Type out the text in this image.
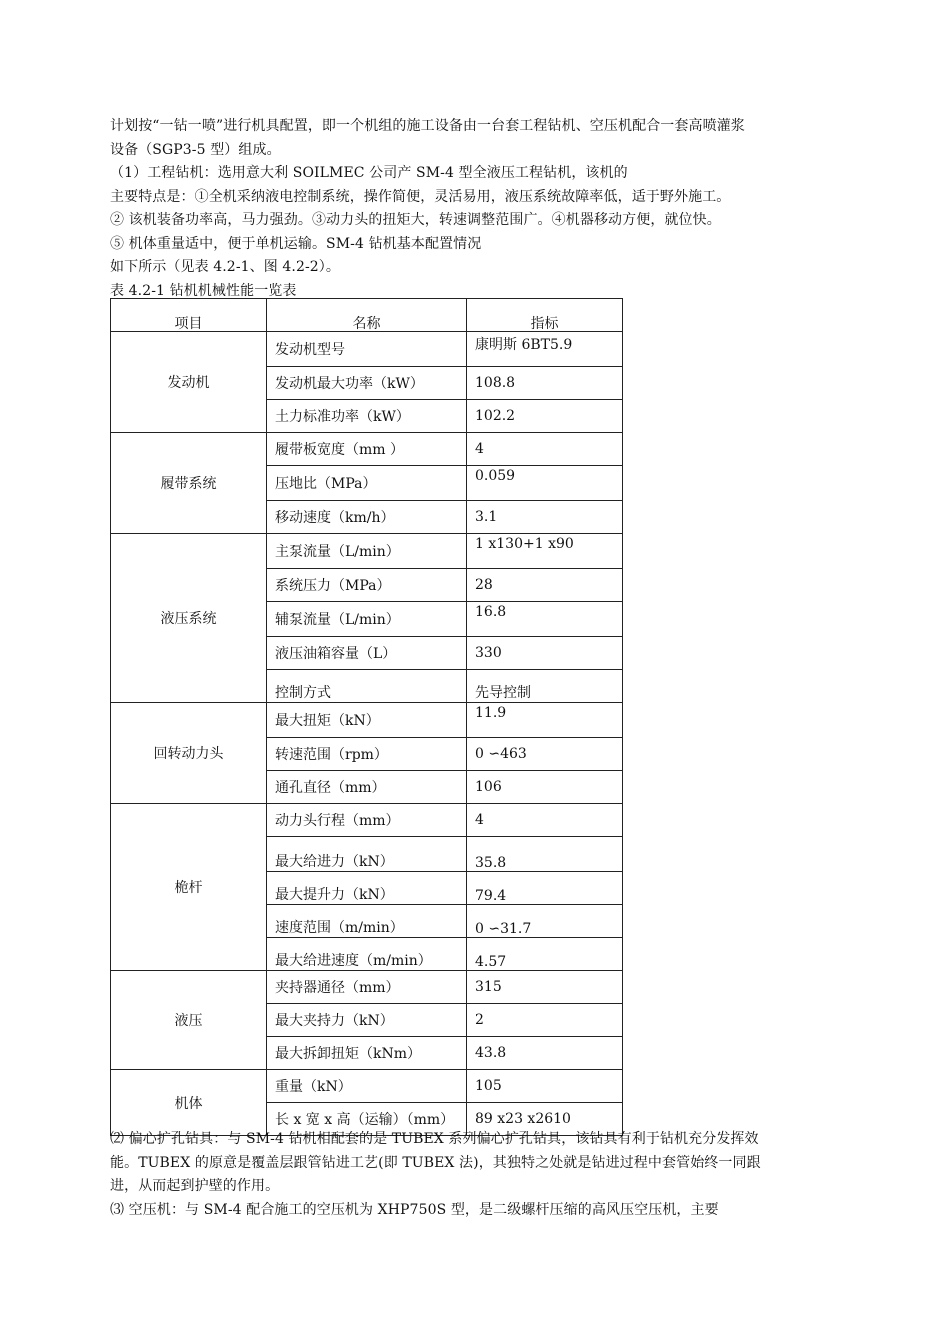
计划按“一钻一喷”进行机具配置，即一个机组的施工设备由一台套工程钻机、空压机配合一套高喷灌浆
设备（SGP3-5 型）组成。
（1）工程钻机：选用意大利 SOILMEC 公司产 SM-4 型全液压工程钻机，该机的
主要特点是：①全机采纳液电控制系统，操作简便，灵活易用，液压系统故障率低，适于野外施工。
② 该机装备功率高，马力强劲。③动力头的扭矩大，转速调整范围广。④机器移动方便，就位快。
⑤ 机体重量适中，便于单机运输。SM-4 钻机基本配置情况
如下所示（见表 4.2-1、图 4.2-2）。
表 4.2-1 钻机机械性能一览表
项目	名称	指标
发动机	发动机型号	康明斯 6BT5.9
	发动机最大功率（kW）	108.8
	土力标准功率（kW）	102.2
履带系统	履带板宽度（mm ）	4
	压地比（MPa）	0.059
	移动速度（km/h）	3.1
液压系统	主泵流量（L/min）	1 x130+1 x90
	系统压力（MPa）	28
	辅泵流量（L/min）	16.8
	液压油箱容量（L）	330
	控制方式	先导控制
回转动力头	最大扭矩（kN）	11.9
	转速范围（rpm）	0 ∽463
	通孔直径（mm）	106
桅杆	动力头行程（mm）	4
	最大给进力（kN）	35.8
	最大提升力（kN）	79.4
	速度范围（m/min）	0 ∽31.7
	最大给进速度（m/min）	4.57
液压	夹持器通径（mm）	315
	最大夹持力（kN）	2
	最大拆卸扭矩（kNm）	43.8
机体	重量（kN）	105
	长 x 宽 x 高（运输）（mm）	89 x23 x2610
⑵ 偏心扩孔钻具：与 SM-4 钻机相配套的是 TUBEX 系列偏心扩孔钻具，该钻具有利于钻机充分发挥效
能。TUBEX 的原意是覆盖层跟管钻进工艺(即 TUBEX 法)，其独特之处就是钻进过程中套管始终一同跟
进，从而起到护壁的作用。
⑶ 空压机：与 SM-4 配合施工的空压机为 XHP750S 型，是二级螺杆压缩的高风压空压机，主要
